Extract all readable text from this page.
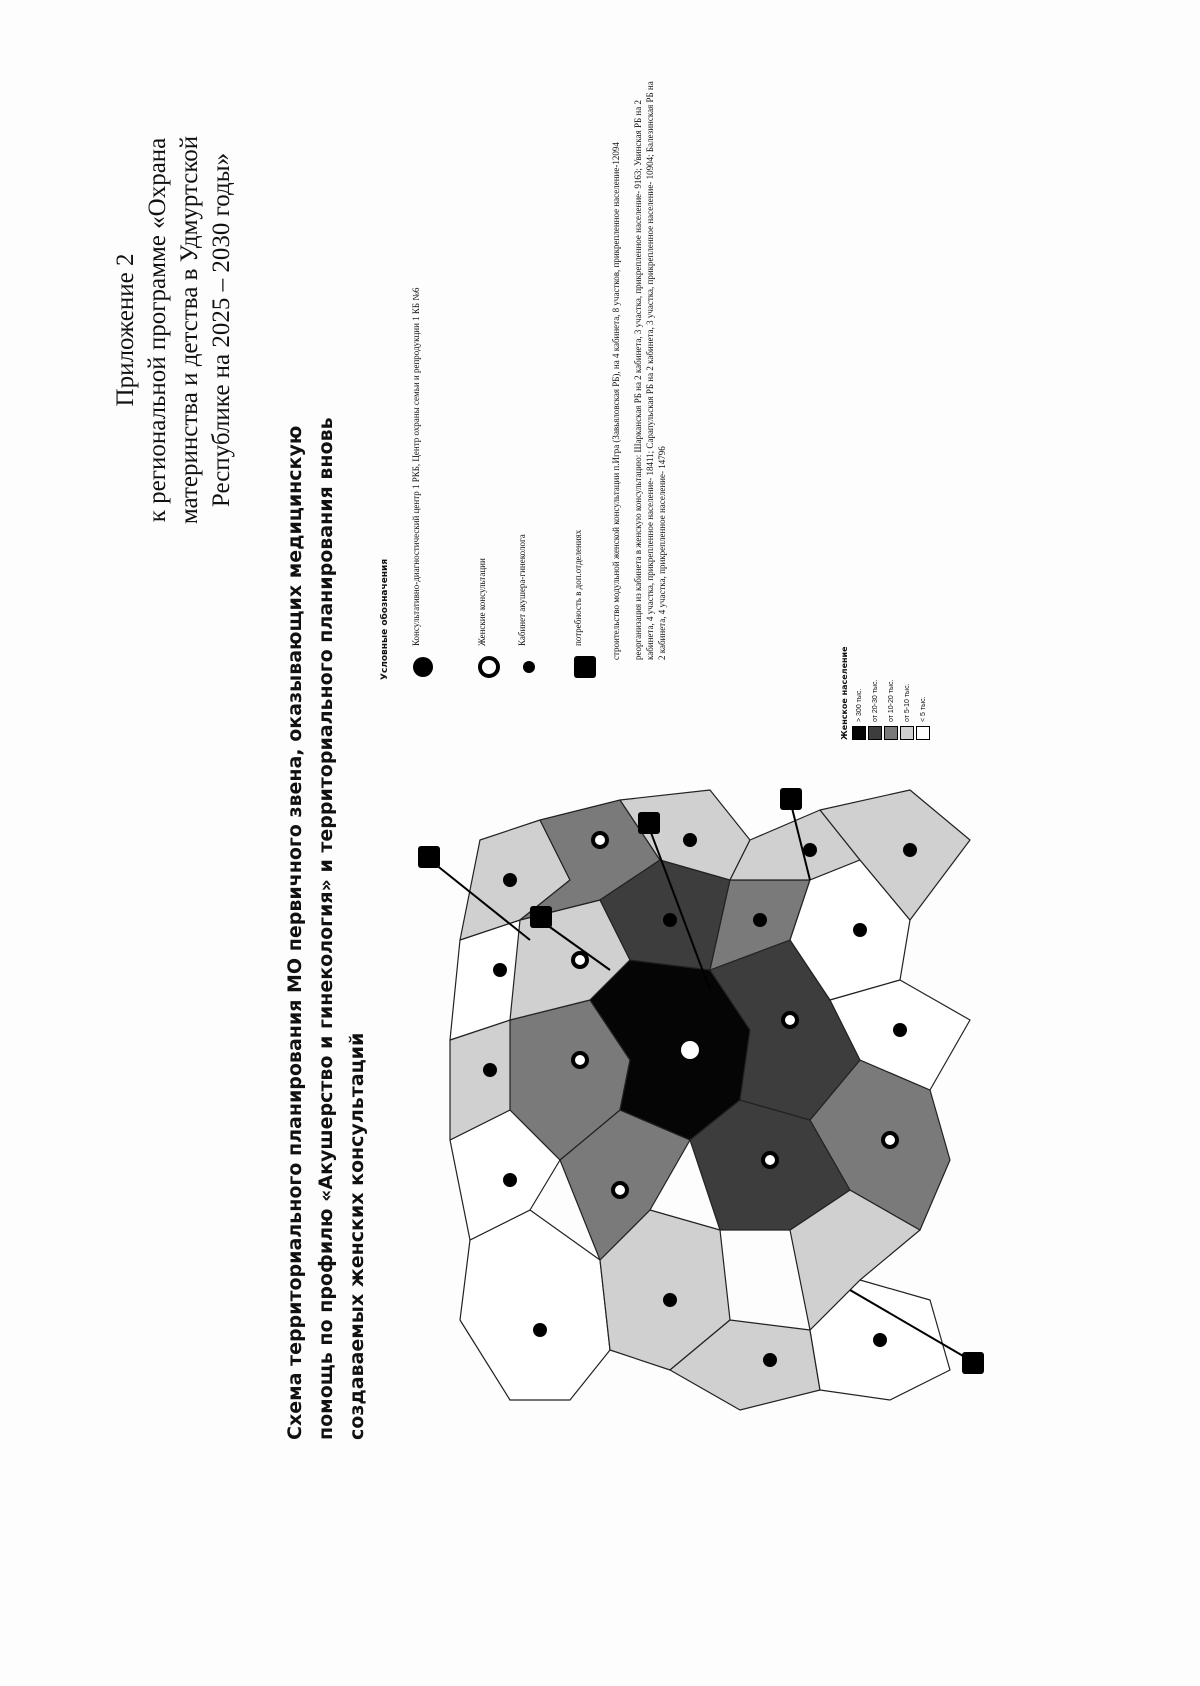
Приложение 2 к региональной программе «Охрана материнства и детства в Удмуртской Республике на 2025 – 2030 годы»
Схема территориального планирования МО первичного звена, оказывающих медицинскую помощь по профилю «Акушерство и гинекология» и территориального планирования вновь создаваемых женских консультаций
Женское население > 300 тыс. от 20-30 тыс. от 10-20 тыс. от 5-10 тыс. < 5 тыс.
Условные обозначения Консультативно-диагностический центр 1 РКБ, Центр охраны семьи и репродукции 1 КБ №6	Женские консультации	Кабинет акушера-гинеколога	потребность в доп.отделениях	строительство модульной женской консультации п.Игра (Завьяловская РБ), на 4 кабинета, 8 участков, прикрепленное население-12094 реорганизация из кабинета в женскую консультацию: Шарканская РБ на 2 кабинета, 3 участка, прикрепленное население- 9163; Увинская РБ на 2 кабинета, 4 участка, прикрепленное население- 18411; Сарапульская РБ на 2 кабинета, 3 участка, прикрепленное население- 10904; Балезинская РБ на 2 кабинета, 4 участка, прикрепленное население- 14796
